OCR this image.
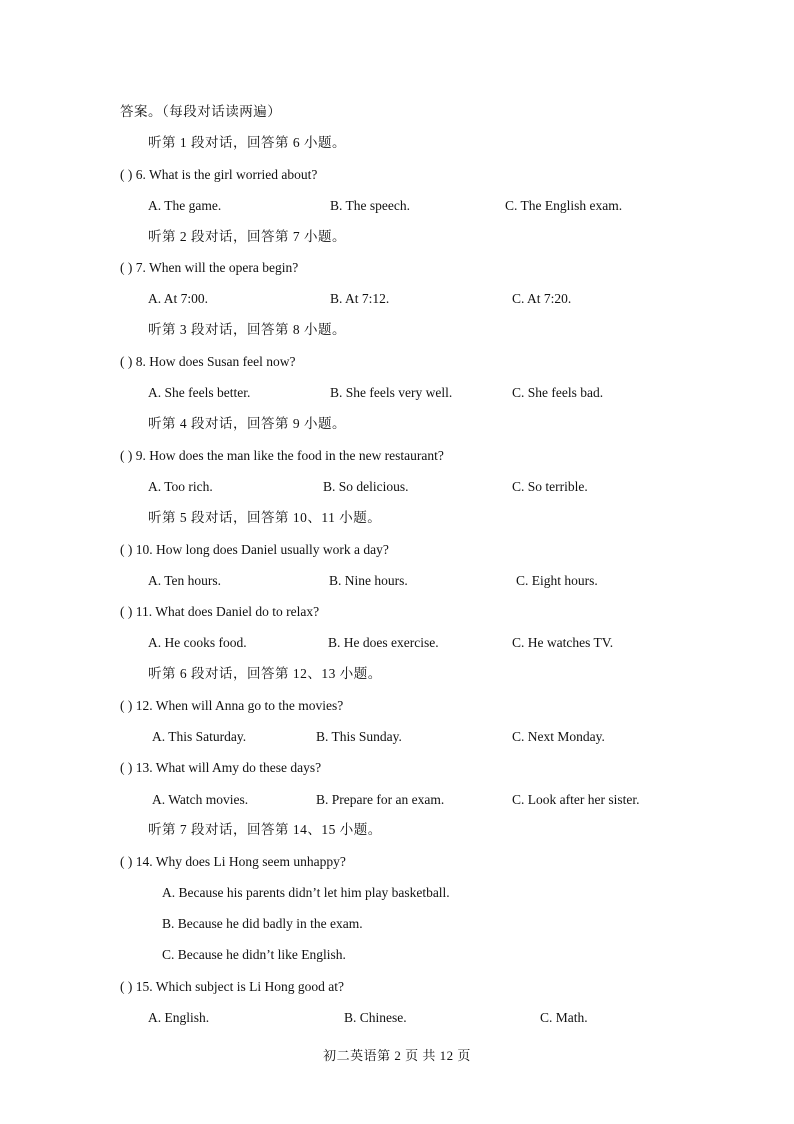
答案。（每段对话读两遍）
听第 1 段对话，回答第 6 小题。
( ) 6. What is the girl worried about?
A. The game.	B. The speech.	C. The English exam.
听第 2 段对话，回答第 7 小题。
( ) 7. When will the opera begin?
A. At 7:00.	B. At 7:12.	C. At 7:20.
听第 3 段对话，回答第 8 小题。
( ) 8. How does Susan feel now?
A. She feels better.	B. She feels very well.	C. She feels bad.
听第 4 段对话，回答第 9 小题。
( ) 9. How does the man like the food in the new restaurant?
A. Too rich.	B. So delicious.	C. So terrible.
听第 5 段对话，回答第 10、11 小题。
( ) 10. How long does Daniel usually work a day?
A. Ten hours.	B. Nine hours.	C. Eight hours.
( ) 11. What does Daniel do to relax?
A. He cooks food.	B. He does exercise.	C. He watches TV.
听第 6 段对话，回答第 12、13 小题。
( ) 12. When will Anna go to the movies?
A. This Saturday.	B. This Sunday.	C. Next Monday.
( ) 13. What will Amy do these days?
A. Watch movies.	B. Prepare for an exam.	C. Look after her sister.
听第 7 段对话，回答第 14、15 小题。
( ) 14. Why does Li Hong seem unhappy?
A. Because his parents didn’t let him play basketball.
B. Because he did badly in the exam.
C. Because he didn’t like English.
( ) 15. Which subject is Li Hong good at?
A. English.	B. Chinese.	C. Math.
初二英语第 2 页 共 12 页
